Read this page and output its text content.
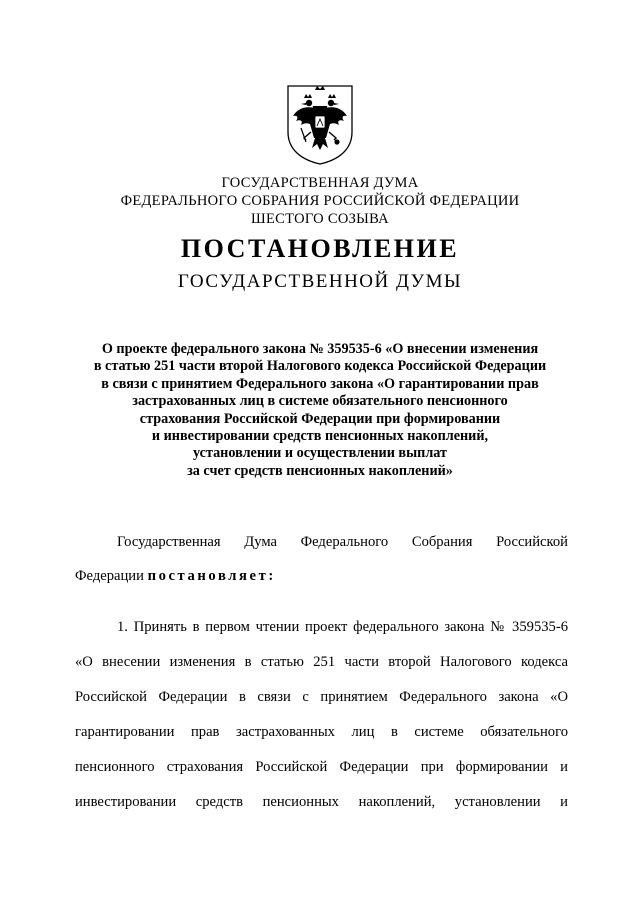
ГОСУДАРСТВЕННАЯ ДУМА
ФЕДЕРАЛЬНОГО СОБРАНИЯ РОССИЙСКОЙ ФЕДЕРАЦИИ
ШЕСТОГО СОЗЫВА
ПОСТАНОВЛЕНИЕ
ГОСУДАРСТВЕННОЙ ДУМЫ
О проекте федерального закона № 359535-6 «О внесении изменения
в статью 251 части второй Налогового кодекса Российской Федерации
в связи с принятием Федерального закона «О гарантировании прав
застрахованных лиц в системе обязательного пенсионного
страхования Российской Федерации при формировании
и инвестировании средств пенсионных накоплений,
установлении и осуществлении выплат
за счет средств пенсионных накоплений»
Государственная Дума Федерального Собрания Российской
Федерации постановляет:
1. Принять в первом чтении проект федерального закона № 359535-6
«О внесении изменения в статью 251 части второй Налогового кодекса
Российской Федерации в связи с принятием Федерального закона «О
гарантировании прав застрахованных лиц в системе обязательного
пенсионного страхования Российской Федерации при формировании и
инвестировании средств пенсионных накоплений, установлении и
